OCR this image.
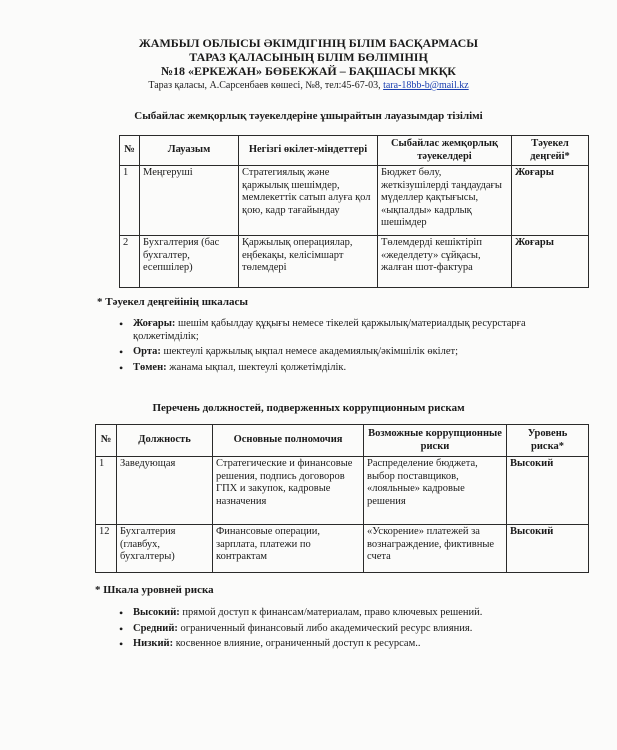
ЖАМБЫЛ ОБЛЫСЫ ӘКІМДІГІНІҢ БІЛІМ БАСҚАРМАСЫ
ТАРАЗ ҚАЛАСЫНЫҢ БІЛІМ БӨЛІМІНІҢ
№18 «ЕРКЕЖАН» БӨБЕКЖАЙ – БАҚШАСЫ МКҚК
Тараз қаласы, А.Сарсенбаев көшесі, №8, тел:45-67-03, tara-18bb-b@mail.kz
Сыбайлас жемқорлық тәуекелдеріне ұшырайтын лауазымдар тізілімі
№	Лауазым	Негізгі өкілет-міндеттері	Сыбайлас жемқорлық тәуекелдері	Тәуекел деңгейі*
1	Меңгеруші	Стратегиялық және қаржылық шешімдер, мемлекеттік сатып алуға қол қою, кадр тағайындау	Бюджет бөлу, жеткізушілерді таңдаудағы мүделлер қақтығысы, «ықпалды» кадрлық шешімдер	Жоғары
2	Бухгалтерия (бас бухгалтер, есепшілер)	Қаржылық операциялар, еңбекақы, келісімшарт төлемдері	Төлемдерді кешіктіріп «жеделдету» сұйқасы, жалған шот-фактура	Жоғары
* Тәуекел деңгейінің шкаласы
• Жоғары: шешім қабылдау құқығы немесе тікелей қаржылық/материалдық ресурстарға қолжетімділік;
• Орта: шектеулі қаржылық ықпал немесе академиялық/әкімшілік өкілет;
• Төмен: жанама ықпал, шектеулі қолжетімділік.
Перечень должностей, подверженных коррупционным рискам
№	Должность	Основные полномочия	Возможные коррупционные риски	Уровень риска*
1	Заведующая	Стратегические и финансовые решения, подпись договоров ГПХ и закупок, кадровые назначения	Распределение бюджета, выбор поставщиков, «лояльные» кадровые решения	Высокий
12	Бухгалтерия (главбух, бухгалтеры)	Финансовые операции, зарплата, платежи по контрактам	«Ускорение» платежей за вознаграждение, фиктивные счета	Высокий
* Шкала уровней риска
• Высокий: прямой доступ к финансам/материалам, право ключевых решений.
• Средний: ограниченный финансовый либо академический ресурс влияния.
• Низкий: косвенное влияние, ограниченный доступ к ресурсам..
